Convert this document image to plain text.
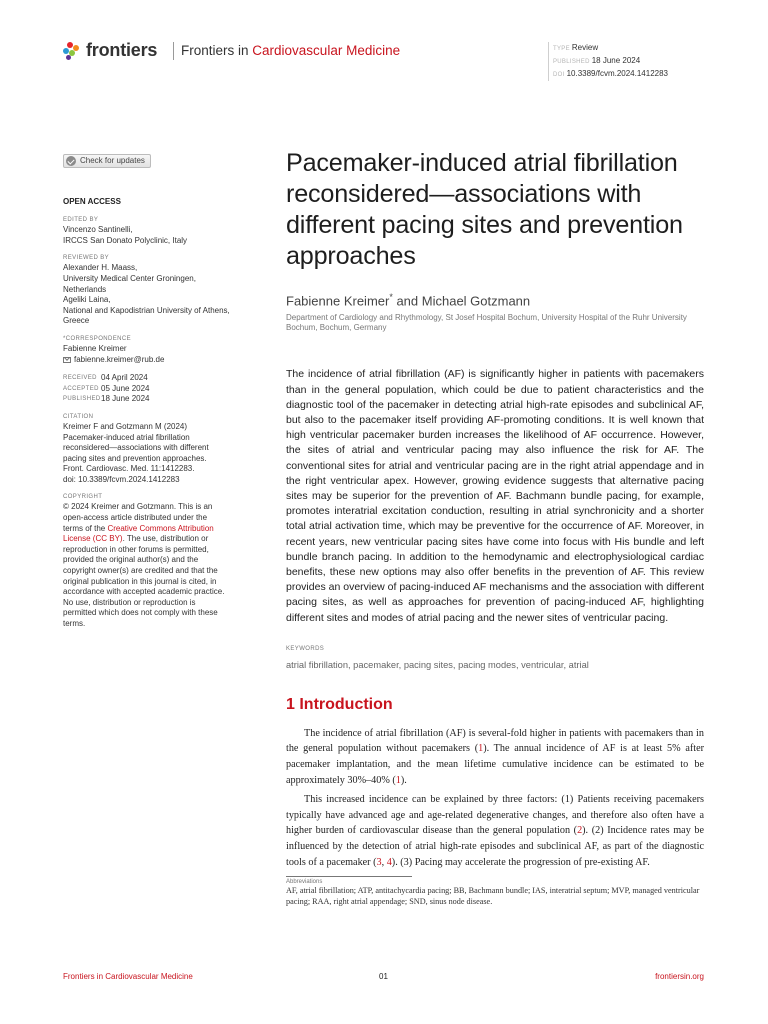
frontiers Frontiers in Cardiovascular Medicine	TYPE Review
PUBLISHED 18 June 2024
DOI 10.3389/fcvm.2024.1412283
Check for updates
OPEN ACCESS
EDITED BY
Vincenzo Santinelli,
IRCCS San Donato Polyclinic, Italy
REVIEWED BY
Alexander H. Maass,
University Medical Center Groningen,
Netherlands
Ageliki Laina,
National and Kapodistrian University of Athens,
Greece
*CORRESPONDENCE
Fabienne Kreimer
fabienne.kreimer@rub.de
RECEIVED 04 April 2024
ACCEPTED 05 June 2024
PUBLISHED 18 June 2024
CITATION
Kreimer F and Gotzmann M (2024)
Pacemaker-induced atrial fibrillation
reconsidered—associations with different
pacing sites and prevention approaches.
Front. Cardiovasc. Med. 11:1412283.
doi: 10.3389/fcvm.2024.1412283
COPYRIGHT
© 2024 Kreimer and Gotzmann. This is an
open-access article distributed under the
terms of the Creative Commons Attribution
License (CC BY). The use, distribution or
reproduction in other forums is permitted,
provided the original author(s) and the
copyright owner(s) are credited and that the
original publication in this journal is cited, in
accordance with accepted academic practice.
No use, distribution or reproduction is
permitted which does not comply with these
terms.
Pacemaker-induced atrial fibrillation reconsidered—associations with different pacing sites and prevention approaches
Fabienne Kreimer* and Michael Gotzmann
Department of Cardiology and Rhythmology, St Josef Hospital Bochum, University Hospital of the Ruhr University Bochum, Bochum, Germany

The incidence of atrial fibrillation (AF) is significantly higher in patients with pacemakers than in the general population, which could be due to patient characteristics and the diagnostic tool of the pacemaker in detecting atrial high-rate episodes and subclinical AF, but also to the pacemaker itself providing AF-promoting conditions. It is well known that high ventricular pacemaker burden increases the likelihood of AF occurrence. However, the sites of atrial and ventricular pacing may also influence the risk for AF. The conventional sites for atrial and ventricular pacing are in the right atrial appendage and in the right ventricular apex. However, growing evidence suggests that alternative pacing sites may be superior for the prevention of AF. Bachmann bundle pacing, for example, promotes interatrial excitation conduction, resulting in atrial synchronicity and a shorter total atrial activation time, which may be preventive for the occurrence of AF. Moreover, in recent years, new ventricular pacing sites have come into focus with His bundle and left bundle branch pacing. In addition to the hemodynamic and electrophysiological cardiac benefits, these new options may also offer benefits in the prevention of AF. This review provides an overview of pacing-induced AF mechanisms and the association with different pacing sites, as well as approaches for prevention of pacing-induced AF, highlighting different sites and modes of atrial pacing and the newer sites of ventricular pacing.

KEYWORDS
atrial fibrillation, pacemaker, pacing sites, pacing modes, ventricular, atrial
1 Introduction

The incidence of atrial fibrillation (AF) is several-fold higher in patients with pacemakers than in the general population without pacemakers (1). The annual incidence of AF is at least 5% after pacemaker implantation, and the mean lifetime cumulative incidence can be estimated to be approximately 30%–40% (1).

This increased incidence can be explained by three factors: (1) Patients receiving pacemakers typically have advanced age and age-related degenerative changes, and therefore also often have a higher burden of cardiovascular disease than the general population (2). (2) Incidence rates may be influenced by the detection of atrial high-rate episodes and subclinical AF, as part of the diagnostic tools of a pacemaker (3, 4). (3) Pacing may accelerate the progression of pre-existing AF.

Abbreviations
AF, atrial fibrillation; ATP, antitachycardia pacing; BB, Bachmann bundle; IAS, interatrial septum; MVP, managed ventricular pacing; RAA, right atrial appendage; SND, sinus node disease.
Frontiers in Cardiovascular Medicine	01	frontiersin.org
